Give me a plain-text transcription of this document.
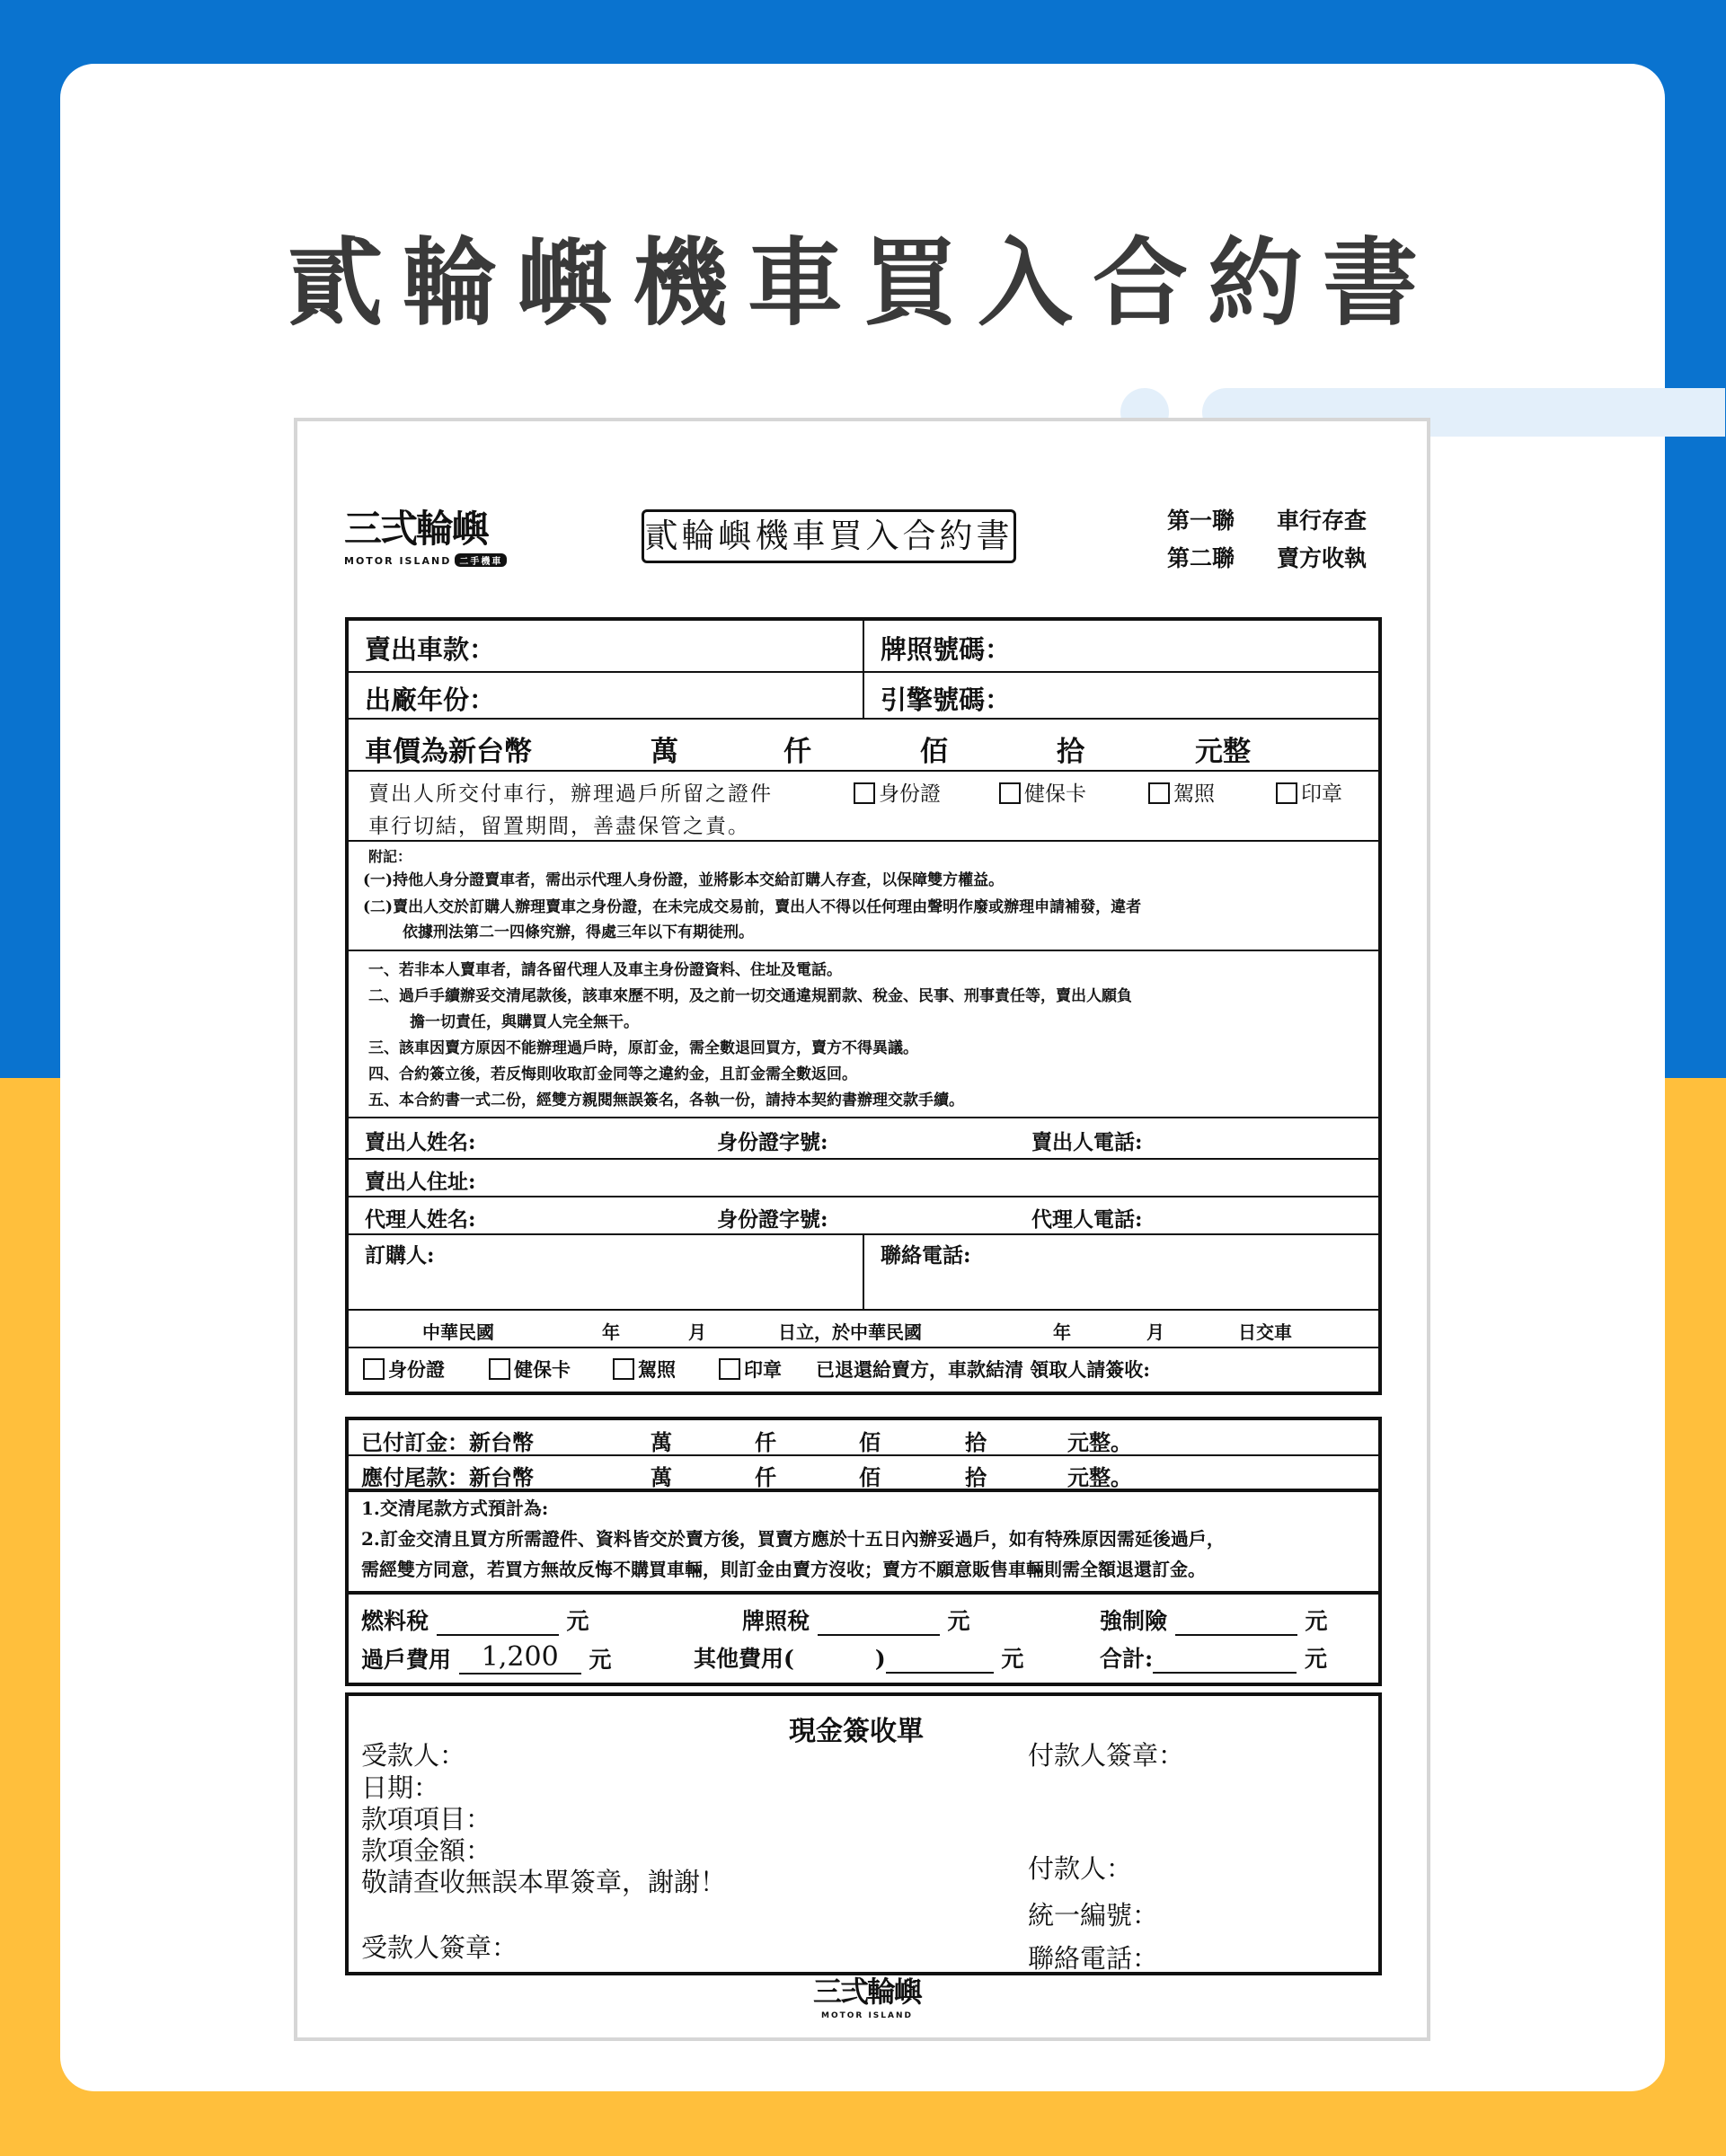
貳輪嶼機車買入合約書
三弍輪嶼
MOTOR ISLAND 二手機車
貳輪嶼機車買入合約書	第一聯 車行存查
第二聯 賣方收執
賣出車款：	牌照號碼：
出廠年份：	引擎號碼：
車價為新台幣	萬	仟	佰	拾	元整
賣出人所交付車行，辦理過戶所留之證件
車行切結，留置期間，善盡保管之責。
身份證	健保卡	駕照	印章
附記：
(一)持他人身分證賣車者，需出示代理人身份證，並將影本交給訂購人存查，以保障雙方權益。
(二)賣出人交於訂購人辦理賣車之身份證，在未完成交易前，賣出人不得以任何理由聲明作廢或辦理申請補發，違者
依據刑法第二一四條究辦，得處三年以下有期徒刑。
一、若非本人賣車者，請各留代理人及車主身份證資料、住址及電話。
二、過戶手續辦妥交清尾款後，該車來歷不明，及之前一切交通違規罰款、稅金、民事、刑事責任等，賣出人願負
擔一切責任，與購買人完全無干。
三、該車因賣方原因不能辦理過戶時，原訂金，需全數退回買方，賣方不得異議。
四、合約簽立後，若反悔則收取訂金同等之違約金，且訂金需全數返回。
五、本合約書一式二份，經雙方親閱無誤簽名，各執一份，請持本契約書辦理交款手續。
賣出人姓名:	身份證字號:	賣出人電話:
賣出人住址:
代理人姓名:	身份證字號:	代理人電話:
訂購人:	聯絡電話:
中華民國	年	月	日立，於中華民國	年	月	日交車
身份證	健保卡	駕照	印章 已退還給賣方，車款結清 領取人請簽收:
已付訂金：新台幣	萬	仟	佰	拾	元整。
應付尾款：新台幣	萬	仟	佰	拾	元整。
1.交清尾款方式預計為:
2.訂金交清且買方所需證件、資料皆交於賣方後，買賣方應於十五日內辦妥過戶，如有特殊原因需延後過戶，
需經雙方同意，若買方無故反悔不購買車輛，則訂金由賣方沒收；賣方不願意販售車輛則需全額退還訂金。
燃料稅	元	牌照稅	元	強制險	元
過戶費用 1,200 元	其他費用(	)	元	合計:	元
現金簽收單
受款人：
日期：
款項項目：
款項金額：
敬請查收無誤本單簽章，謝謝！
受款人簽章：
付款人簽章：
付款人：
統一編號：
聯絡電話：
三弍輪嶼
MOTOR ISLAND
